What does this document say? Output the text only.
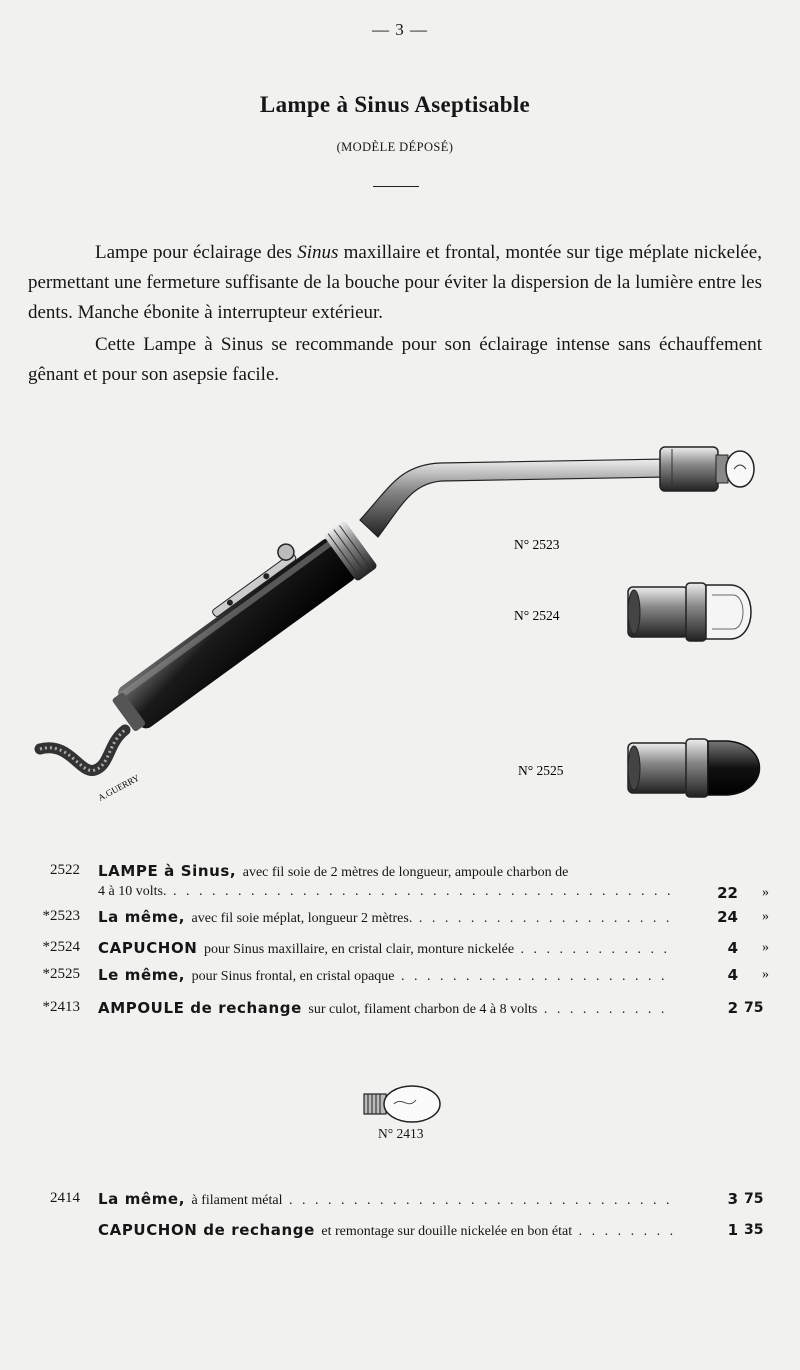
— 3 —
Lampe à Sinus Aseptisable
(MODÈLE DÉPOSÉ)

Lampe pour éclairage des Sinus maxillaire et frontal, montée sur tige méplate nickelée, permettant une fermeture suffisante de la bouche pour éviter la dispersion de la lumière entre les dents. Manche ébonite à interrupteur extérieur.

Cette Lampe à Sinus se recommande pour son éclairage intense sans échauffement gênant et pour son asepsie facile.

A.GUERRY
N° 2523
N° 2524
N° 2525
2522 LAMPE à Sinus, avec fil soie de 2 mètres de longueur, ampoule charbon de
4 à 10 volts. . . .	22	»
*2523 La même, avec fil soie méplat, longueur 2 mètres. . . .	24	»
*2524 CAPUCHON pour Sinus maxillaire, en cristal clair, monture nickelée . . .	4	»
*2525 Le même, pour Sinus frontal, en cristal opaque . . .	4	»
*2413 AMPOULE de rechange sur culot, filament charbon de 4 à 8 volts . . .	2 75
N° 2413
2414 La même, à filament métal . . .	3 75
CAPUCHON de rechange et remontage sur douille nickelée en bon état . . .	1 35
